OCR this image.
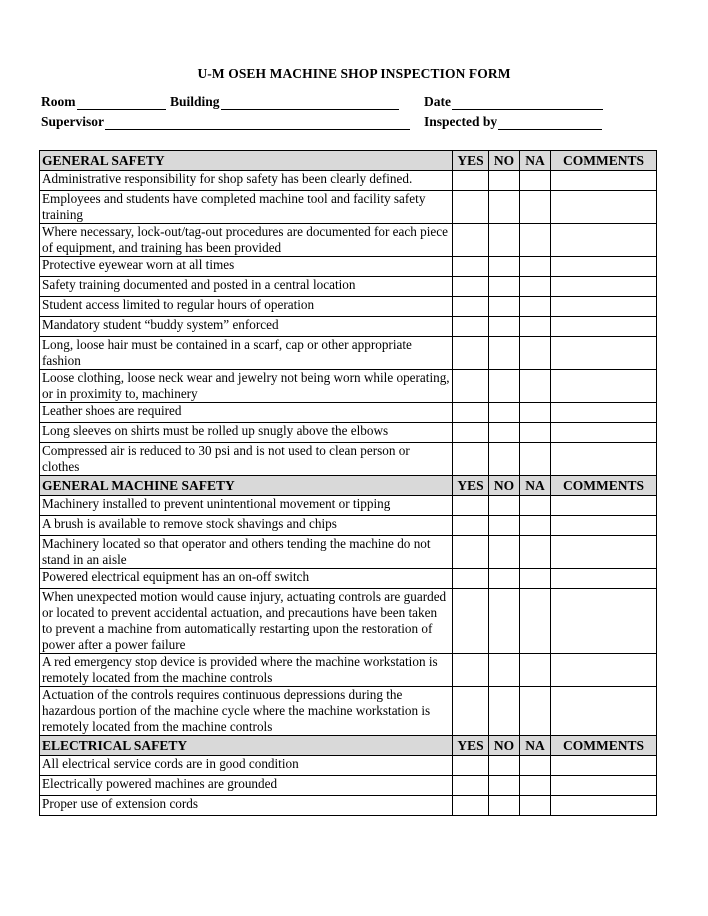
U-M OSEH MACHINE SHOP INSPECTION FORM
Room	Building	Date
Supervisor	Inspected by
GENERAL SAFETY	YES	NO	NA	COMMENTS
Administrative responsibility for shop safety has been clearly defined.				
Employees and students have completed machine tool and facility safety training				
Where necessary, lock-out/tag-out procedures are documented for each piece of equipment, and training has been provided				
Protective eyewear worn at all times				
Safety training documented and posted in a central location				
Student access limited to regular hours of operation				
Mandatory student “buddy system” enforced				
Long, loose hair must be contained in a scarf, cap or other appropriate fashion				
Loose clothing, loose neck wear and jewelry not being worn while operating, or in proximity to, machinery				
Leather shoes are required				
Long sleeves on shirts must be rolled up snugly above the elbows				
Compressed air is reduced to 30 psi and is not used to clean person or clothes				
GENERAL MACHINE SAFETY	YES	NO	NA	COMMENTS
Machinery installed to prevent unintentional movement or tipping				
A brush is available to remove stock shavings and chips				
Machinery located so that operator and others tending the machine do not stand in an aisle				
Powered electrical equipment has an on-off switch				
When unexpected motion would cause injury, actuating controls are guarded or located to prevent accidental actuation, and precautions have been taken to prevent a machine from automatically restarting upon the restoration of power after a power failure				
A red emergency stop device is provided where the machine workstation is remotely located from the machine controls				
Actuation of the controls requires continuous depressions during the hazardous portion of the machine cycle where the machine workstation is remotely located from the machine controls				
ELECTRICAL SAFETY	YES	NO	NA	COMMENTS
All electrical service cords are in good condition				
Electrically powered machines are grounded				
Proper use of extension cords				
